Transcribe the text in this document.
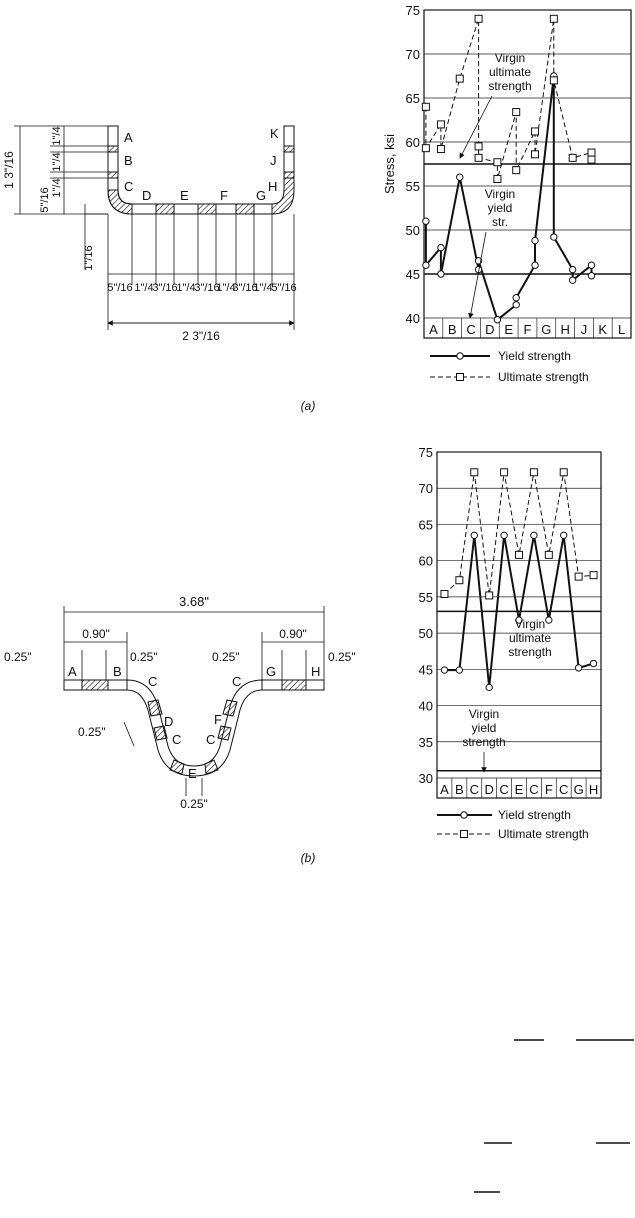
A
B
C
D E F G
H
J
K
1 3"/16
1"/4
1"/4
1"/4
5"/16
1"/16
5"/16 1"/4
3"/16
1"/4
3"/16
1"/4
3"/16
1"/4
5"/16
2 3"/16
(a)
40
45
50
55
60
65
70
75
A B C D E F G H J K L
Stress, ksi
Virgin
ultimate
strength
Virgin
yield
str.
Yield strength
Ultimate strength
3.68"
0.90"	0.90"
0.25"	0.25"	0.25"	0.25"
0.25"
0.25"
A	B
C
D
C
E
C
F
C
G	H
(b)
30
35
40
45
50
55
60
65
70
75
A B C D C E C F C G H
Virgin
ultimate
strength
Virgin
yield
strength
Yield strength
Ultimate strength
